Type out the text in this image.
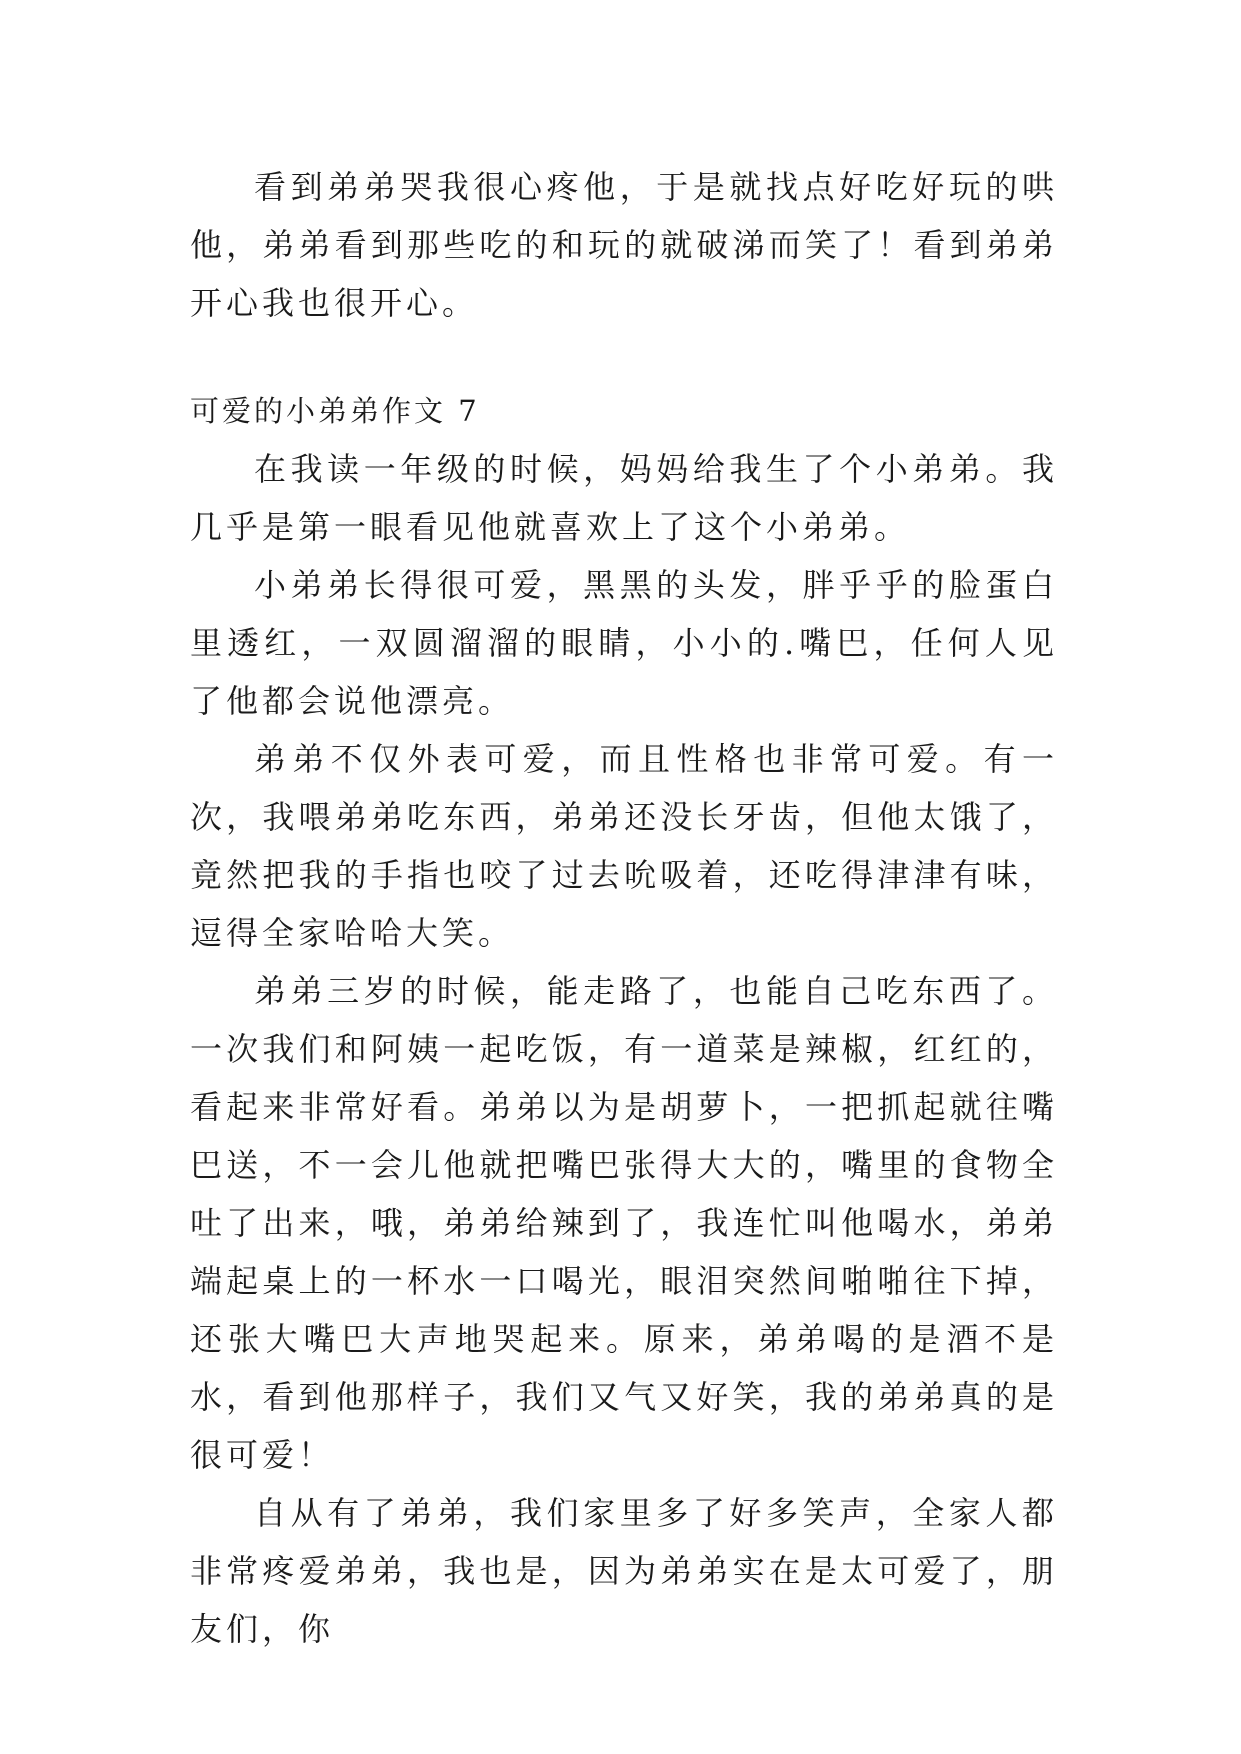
看到弟弟哭我很心疼他，于是就找点好吃好玩的哄他，弟弟看到那些吃的和玩的就破涕而笑了！看到弟弟开心我也很开心。

可爱的小弟弟作文 7

在我读一年级的时候，妈妈给我生了个小弟弟。我几乎是第一眼看见他就喜欢上了这个小弟弟。

小弟弟长得很可爱，黑黑的头发，胖乎乎的脸蛋白里透红，一双圆溜溜的眼睛，小小的.嘴巴，任何人见了他都会说他漂亮。

弟弟不仅外表可爱，而且性格也非常可爱。有一次，我喂弟弟吃东西，弟弟还没长牙齿，但他太饿了，竟然把我的手指也咬了过去吮吸着，还吃得津津有味，逗得全家哈哈大笑。

弟弟三岁的时候，能走路了，也能自己吃东西了。一次我们和阿姨一起吃饭，有一道菜是辣椒，红红的，看起来非常好看。弟弟以为是胡萝卜，一把抓起就往嘴巴送，不一会儿他就把嘴巴张得大大的，嘴里的食物全吐了出来，哦，弟弟给辣到了，我连忙叫他喝水，弟弟端起桌上的一杯水一口喝光，眼泪突然间啪啪往下掉，还张大嘴巴大声地哭起来。原来，弟弟喝的是酒不是水，看到他那样子，我们又气又好笑，我的弟弟真的是很可爱！

自从有了弟弟，我们家里多了好多笑声，全家人都非常疼爱弟弟，我也是，因为弟弟实在是太可爱了，朋友们，你
